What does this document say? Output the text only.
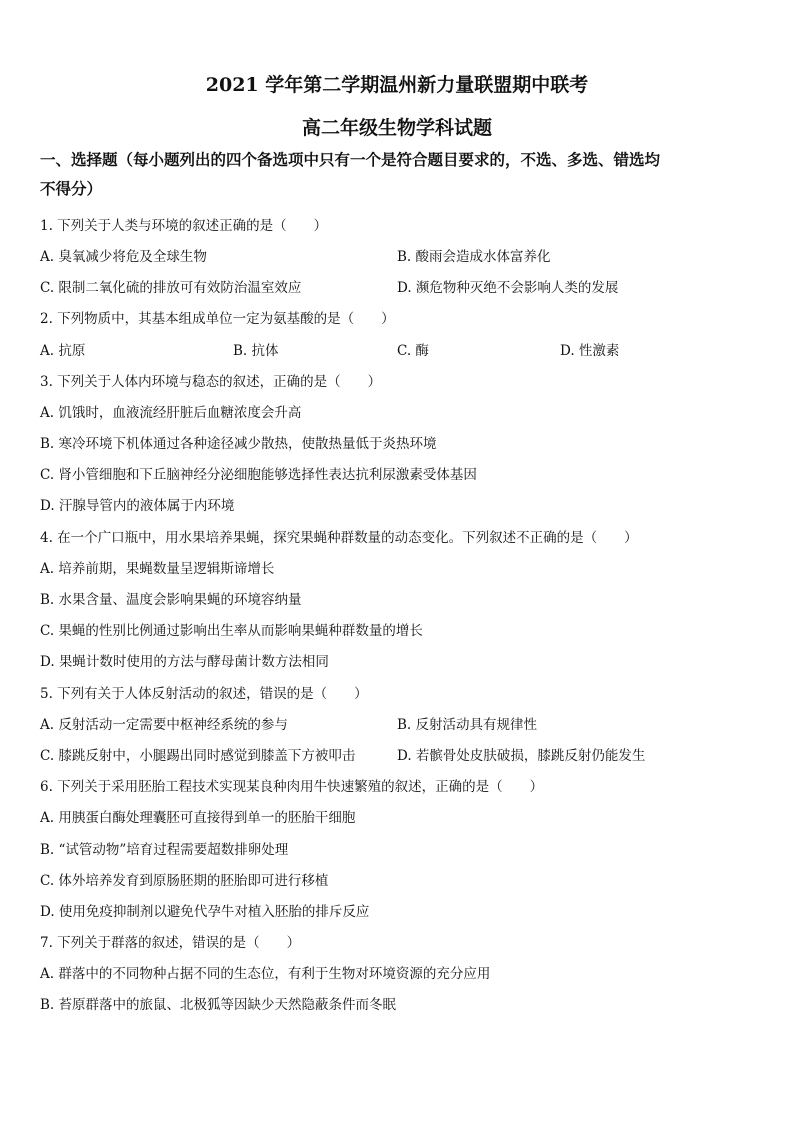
2021 学年第二学期温州新力量联盟期中联考
高二年级生物学科试题
一、选择题（每小题列出的四个备选项中只有一个是符合题目要求的，不选、多选、错选均
不得分）
1. 下列关于人类与环境的叙述正确的是（　　）
A. 臭氧减少将危及全球生物	B. 酸雨会造成水体富养化
C. 限制二氧化硫的排放可有效防治温室效应	D. 濒危物种灭绝不会影响人类的发展
2. 下列物质中，其基本组成单位一定为氨基酸的是（　　）
A. 抗原	B. 抗体	C. 酶	D. 性激素
3. 下列关于人体内环境与稳态的叙述，正确的是（　　）
A. 饥饿时，血液流经肝脏后血糖浓度会升高
B. 寒冷环境下机体通过各种途径减少散热，使散热量低于炎热环境
C. 肾小管细胞和下丘脑神经分泌细胞能够选择性表达抗利尿激素受体基因
D. 汗腺导管内的液体属于内环境
4. 在一个广口瓶中，用水果培养果蝇，探究果蝇种群数量的动态变化。下列叙述不正确的是（　　）
A. 培养前期，果蝇数量呈逻辑斯谛增长
B. 水果含量、温度会影响果蝇的环境容纳量
C. 果蝇的性别比例通过影响出生率从而影响果蝇种群数量的增长
D. 果蝇计数时使用的方法与酵母菌计数方法相同
5. 下列有关于人体反射活动的叙述，错误的是（　　）
A. 反射活动一定需要中枢神经系统的参与	B. 反射活动具有规律性
C. 膝跳反射中，小腿踢出同时感觉到膝盖下方被叩击	D. 若髌骨处皮肤破损，膝跳反射仍能发生
6. 下列关于采用胚胎工程技术实现某良种肉用牛快速繁殖的叙述，正确的是（　　）
A. 用胰蛋白酶处理囊胚可直接得到单一的胚胎干细胞
B. “试管动物”培育过程需要超数排卵处理
C. 体外培养发育到原肠胚期的胚胎即可进行移植
D. 使用免疫抑制剂以避免代孕牛对植入胚胎的排斥反应
7. 下列关于群落的叙述，错误的是（　　）
A. 群落中的不同物种占据不同的生态位，有利于生物对环境资源的充分应用
B. 苔原群落中的旅鼠、北极狐等因缺少天然隐蔽条件而冬眠
